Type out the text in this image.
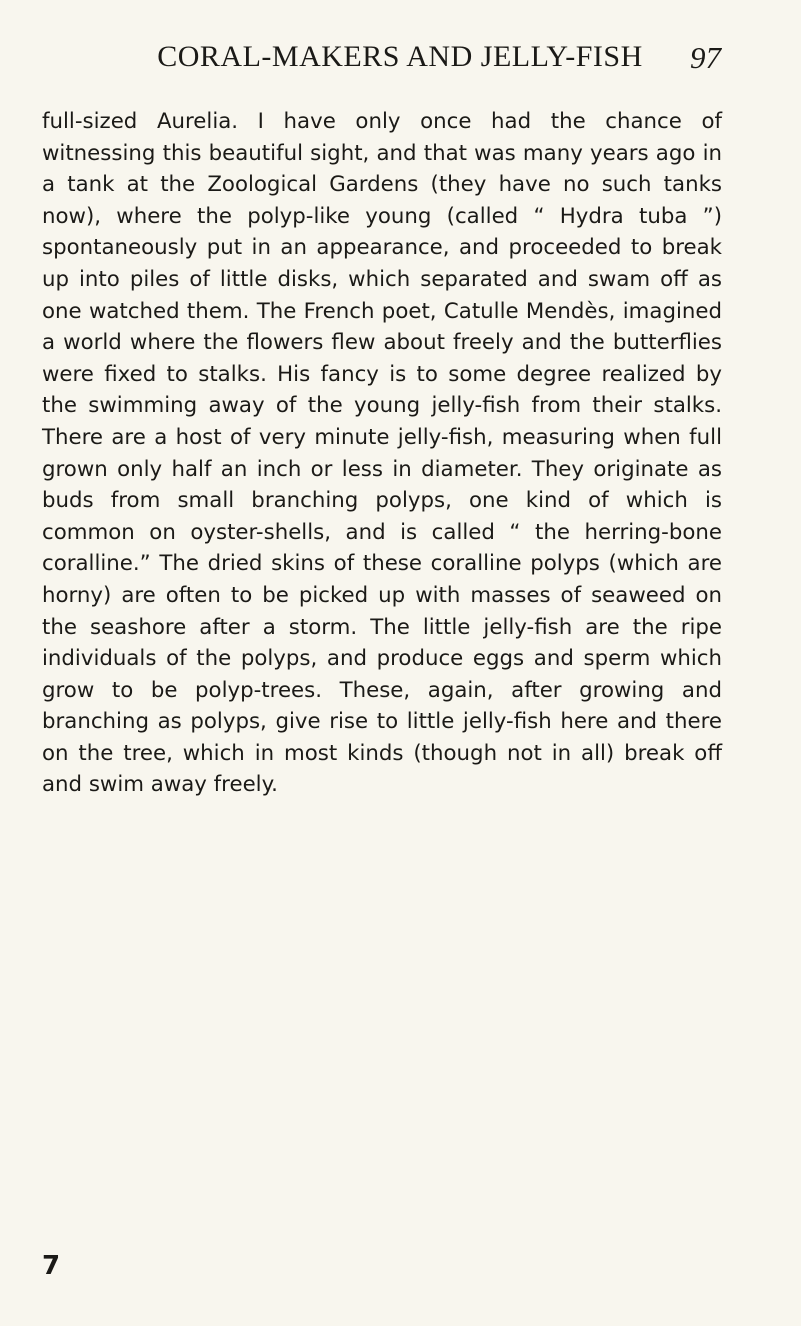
CORAL-MAKERS AND JELLY-FISH	97

full-sized Aurelia. I have only once had the chance of witnessing this beautiful sight, and that was many years ago in a tank at the Zoological Gardens (they have no such tanks now), where the polyp-like young (called “ Hydra tuba ”) spontaneously put in an appearance, and proceeded to break up into piles of little disks, which separated and swam off as one watched them. The French poet, Catulle Mendès, imagined a world where the flowers flew about freely and the butterflies were fixed to stalks. His fancy is to some degree realized by the swimming away of the young jelly-fish from their stalks. There are a host of very minute jelly-fish, measuring when full grown only half an inch or less in diameter. They originate as buds from small branching polyps, one kind of which is common on oyster-shells, and is called “ the herring-bone coralline.” The dried skins of these coralline polyps (which are horny) are often to be picked up with masses of seaweed on the seashore after a storm. The little jelly-fish are the ripe individuals of the polyps, and produce eggs and sperm which grow to be polyp-trees. These, again, after growing and branching as polyps, give rise to little jelly-fish here and there on the tree, which in most kinds (though not in all) break off and swim away freely.

7
